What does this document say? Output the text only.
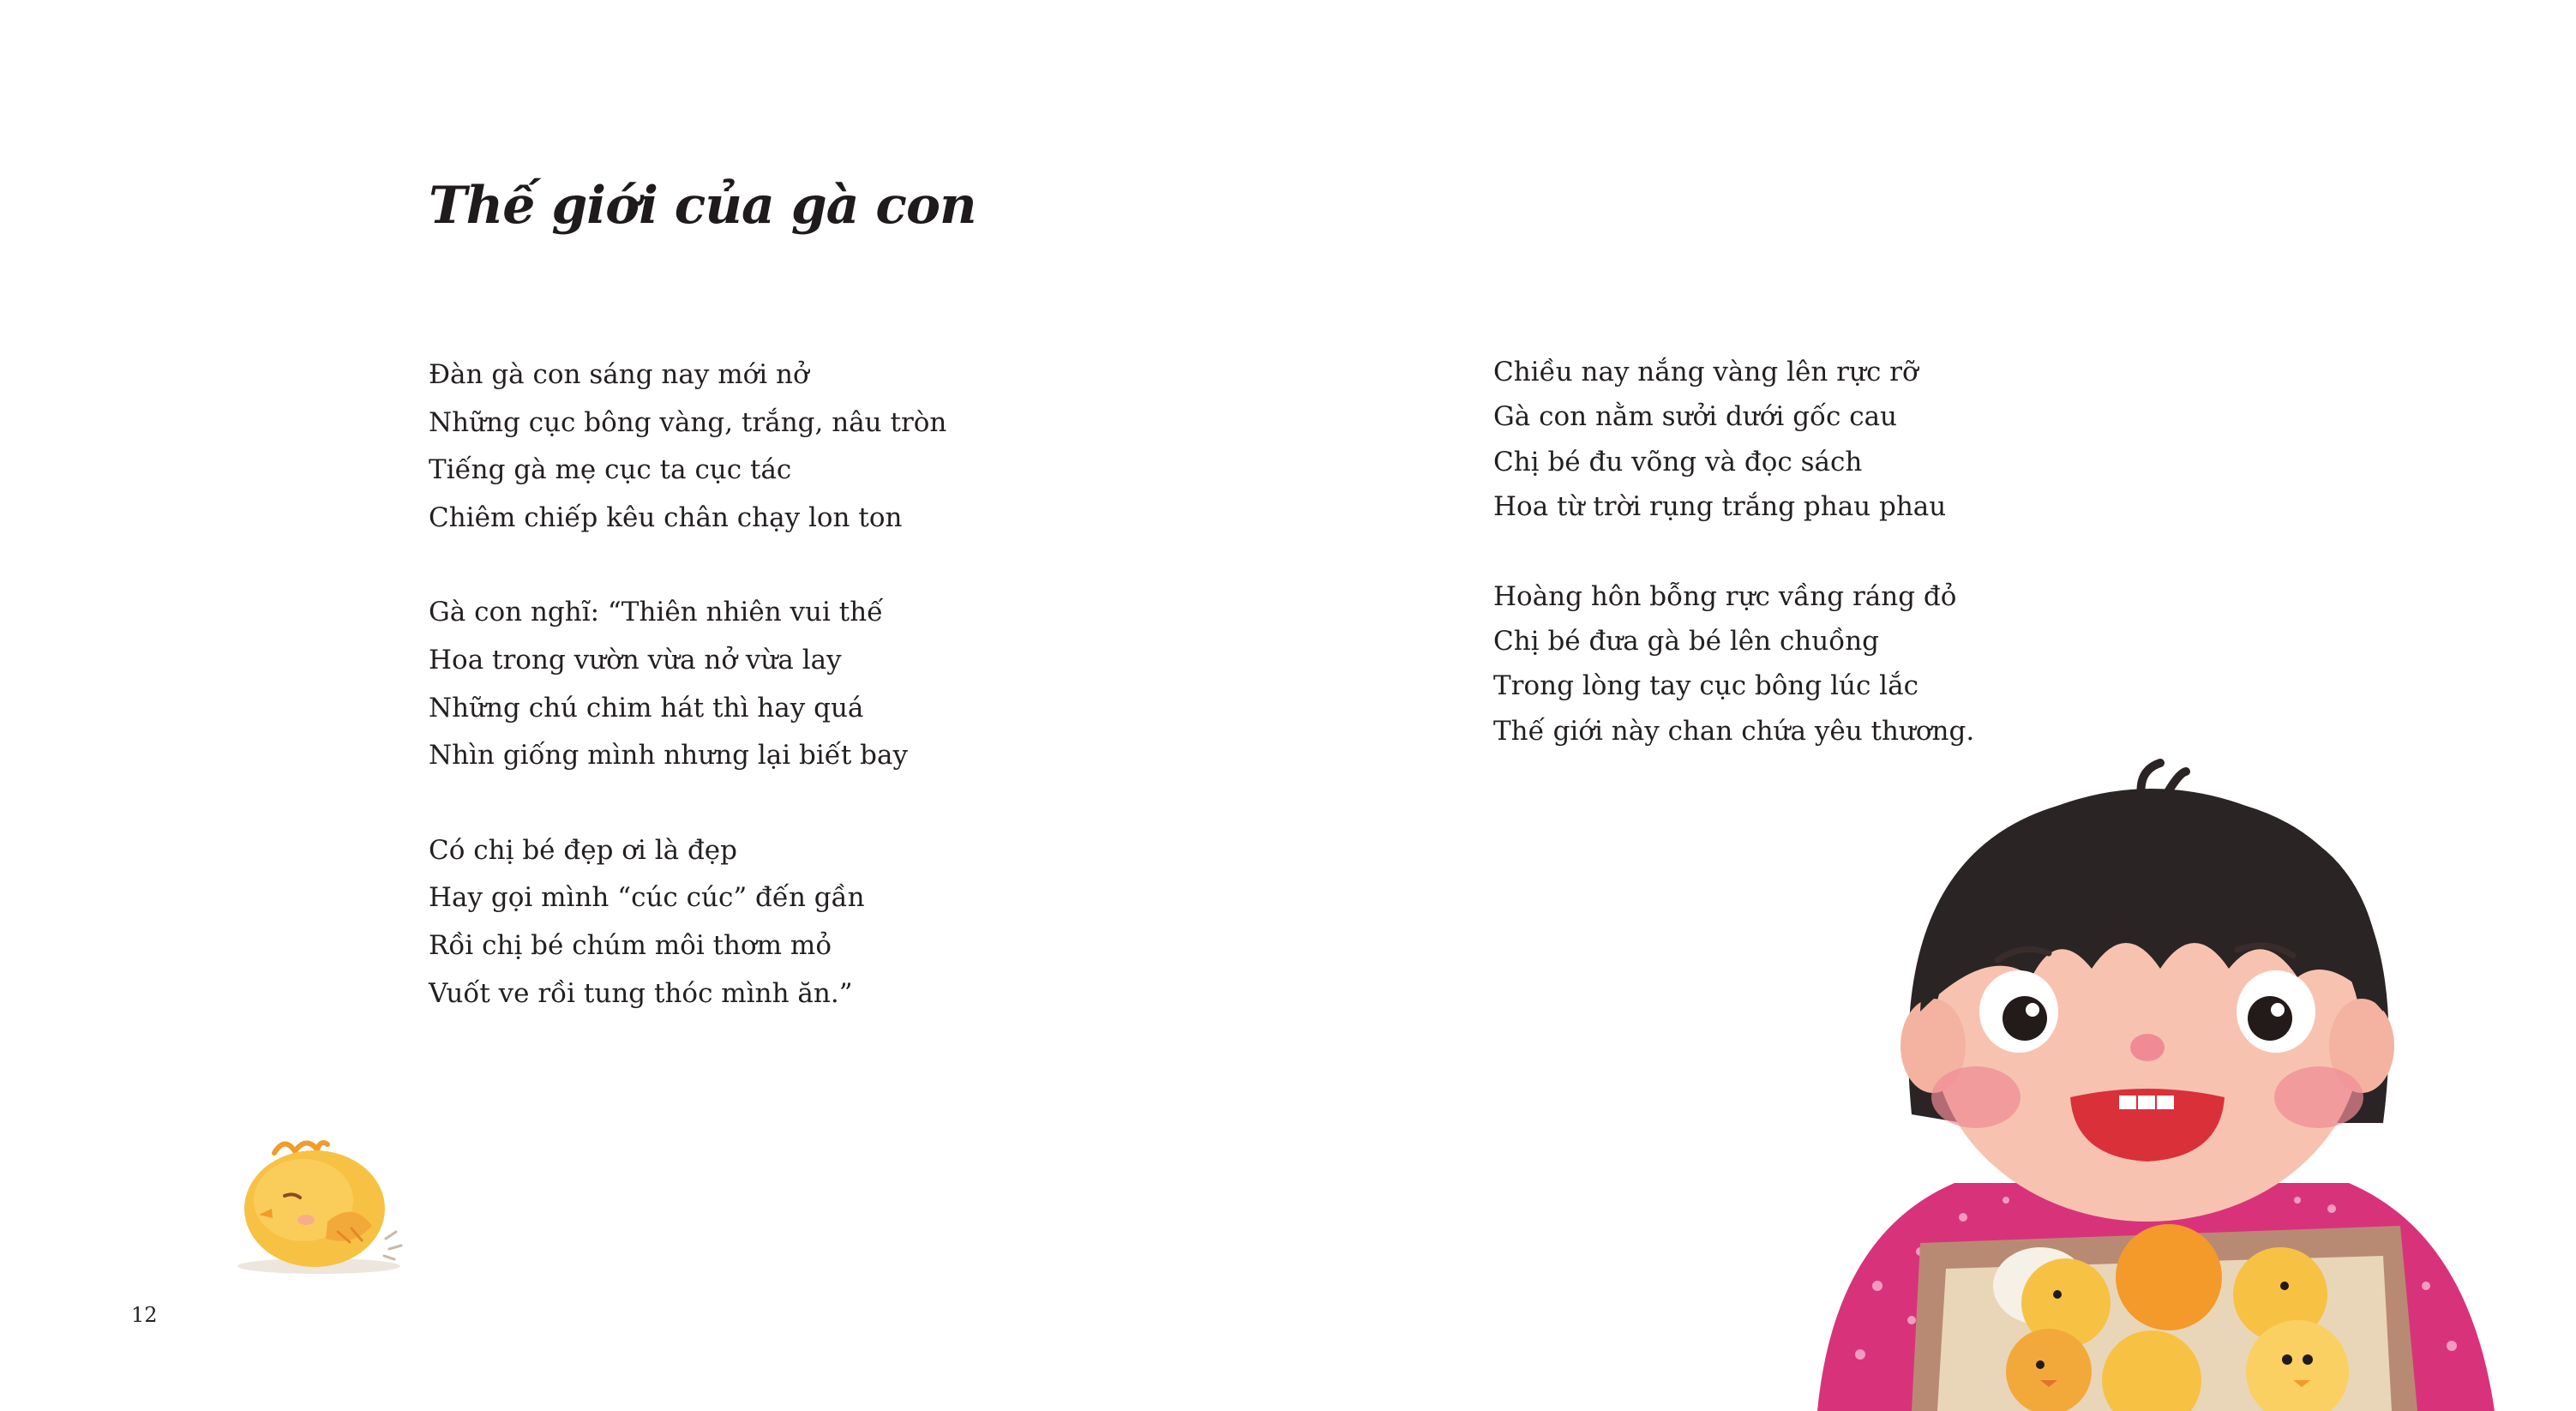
Thế giới của gà con
Đàn gà con sáng nay mới nở
Những cục bông vàng, trắng, nâu tròn
Tiếng gà mẹ cục ta cục tác
Chiêm chiếp kêu chân chạy lon ton
Gà con nghĩ: “Thiên nhiên vui thế
Hoa trong vườn vừa nở vừa lay
Những chú chim hát thì hay quá
Nhìn giống mình nhưng lại biết bay
Có chị bé đẹp ơi là đẹp
Hay gọi mình “cúc cúc” đến gần
Rồi chị bé chúm môi thơm mỏ
Vuốt ve rồi tung thóc mình ăn.”
Chiều nay nắng vàng lên rực rỡ
Gà con nằm sưởi dưới gốc cau
Chị bé đu võng và đọc sách
Hoa từ trời rụng trắng phau phau
Hoàng hôn bỗng rực vầng ráng đỏ
Chị bé đưa gà bé lên chuồng
Trong lòng tay cục bông lúc lắc
Thế giới này chan chứa yêu thương.
12
